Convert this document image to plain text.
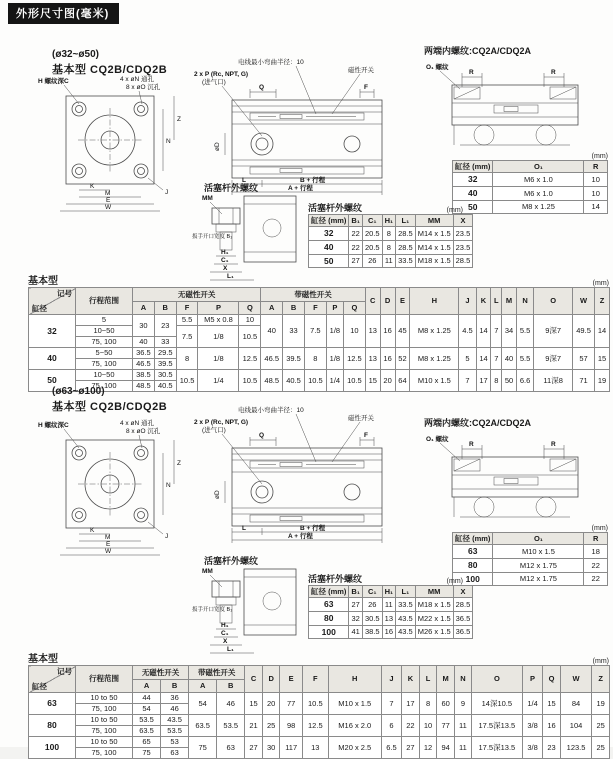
外形尺寸图(毫米)
(ø32~ø50)
基本型 CQ2B/CDQ2B
H 螺纹深C	4 x øN 通孔
8 x øO 沉孔
N
Z
K
M
E
W
J
电线最小弯曲半径：10
磁性开关
2 x P (Rc, NPT, G)
(进气口)
Q	F
øD
L	B + 行程
A + 行程
两端内螺纹:CQ2A/CDQ2A
O₁ 螺纹
R	R
(mm)
缸径 (mm)	O₁	R
32	M6 x 1.0	10
40	M6 x 1.0	10
50	M8 x 1.25	14
活塞杆外螺纹
MM
扳手开口宽度 B₁
H₁
C₁
X
L₁
活塞杆外螺纹	(mm)
缸径 (mm)	B₁	C₁	H₁	L₁	MM	X
32	22	20.5	8	28.5	M14 x 1.5	23.5
40	22	20.5	8	28.5	M14 x 1.5	23.5
50	27	26	11	33.5	M18 x 1.5	28.5
基本型	(mm)
记号
缸径	行程范围	无磁性开关					带磁性开关					C	D	E	H	J	K	L	M	N	O	W	Z
		A	B	F	P	Q	A	B	F	P	Q												
32	5	30	23	5.5	M5 x 0.8	10	40	33	7.5	1/8	10	13	16	45	M8 x 1.25	4.5	14	7	34	5.5	9深7	49.5	14
	10~50			7.5	1/8	10.5																	
	75, 100	40	33																				
40	5~50	36.5	29.5	8	1/8	12.5	46.5	39.5	8	1/8	12.5	13	16	52	M8 x 1.25	5	14	7	40	5.5	9深7	57	15
	75, 100	46.5	39.5																				
50	10~50	38.5	30.5	10.5	1/4	10.5	48.5	40.5	10.5	1/4	10.5	15	20	64	M10 x 1.5	7	17	8	50	6.6	11深8	71	19
	75, 100	48.5	40.5																				
(ø63~ø100)
基本型 CQ2B/CDQ2B
H 螺纹深C	4 x øN 通孔
8 x øO 沉孔
N
Z
K
M
E
W
J
电线最小弯曲半径：10
磁性开关
2 x P (Rc, NPT, G)
(进气口)
Q	F
øD
L	B + 行程
A + 行程
两端内螺纹:CQ2A/CDQ2A
O₁ 螺纹
R	R
(mm)
缸径 (mm)	O₁	R
63	M10 x 1.5	18
80	M12 x 1.75	22
100	M12 x 1.75	22
活塞杆外螺纹
MM
扳手开口宽度 B₁
H₁
C₁
X
L₁
活塞杆外螺纹	(mm)
缸径 (mm)	B₁	C₁	H₁	L₁	MM	X
63	27	26	11	33.5	M18 x 1.5	28.5
80	32	30.5	13	43.5	M22 x 1.5	36.5
100	41	38.5	16	43.5	M26 x 1.5	36.5
基本型	(mm)
记号
缸径	行程范围	无磁性开关		带磁性开关		C	D	E	F	H	J	K	L	M	N	O	P	Q	W	Z
		A	B	A	B															
63	10 to 50	44	36	54	46	15	20	77	10.5	M10 x 1.5	7	17	8	60	9	14深10.5	1/4	15	84	19
	75, 100	54	46																	
80	10 to 50	53.5	43.5	63.5	53.5	21	25	98	12.5	M16 x 2.0	6	22	10	77	11	17.5深13.5	3/8	16	104	25
	75, 100	63.5	53.5																	
100	10 to 50	65	53	75	63	27	30	117	13	M20 x 2.5	6.5	27	12	94	11	17.5深13.5	3/8	23	123.5	25
	75, 100	75	63																	
